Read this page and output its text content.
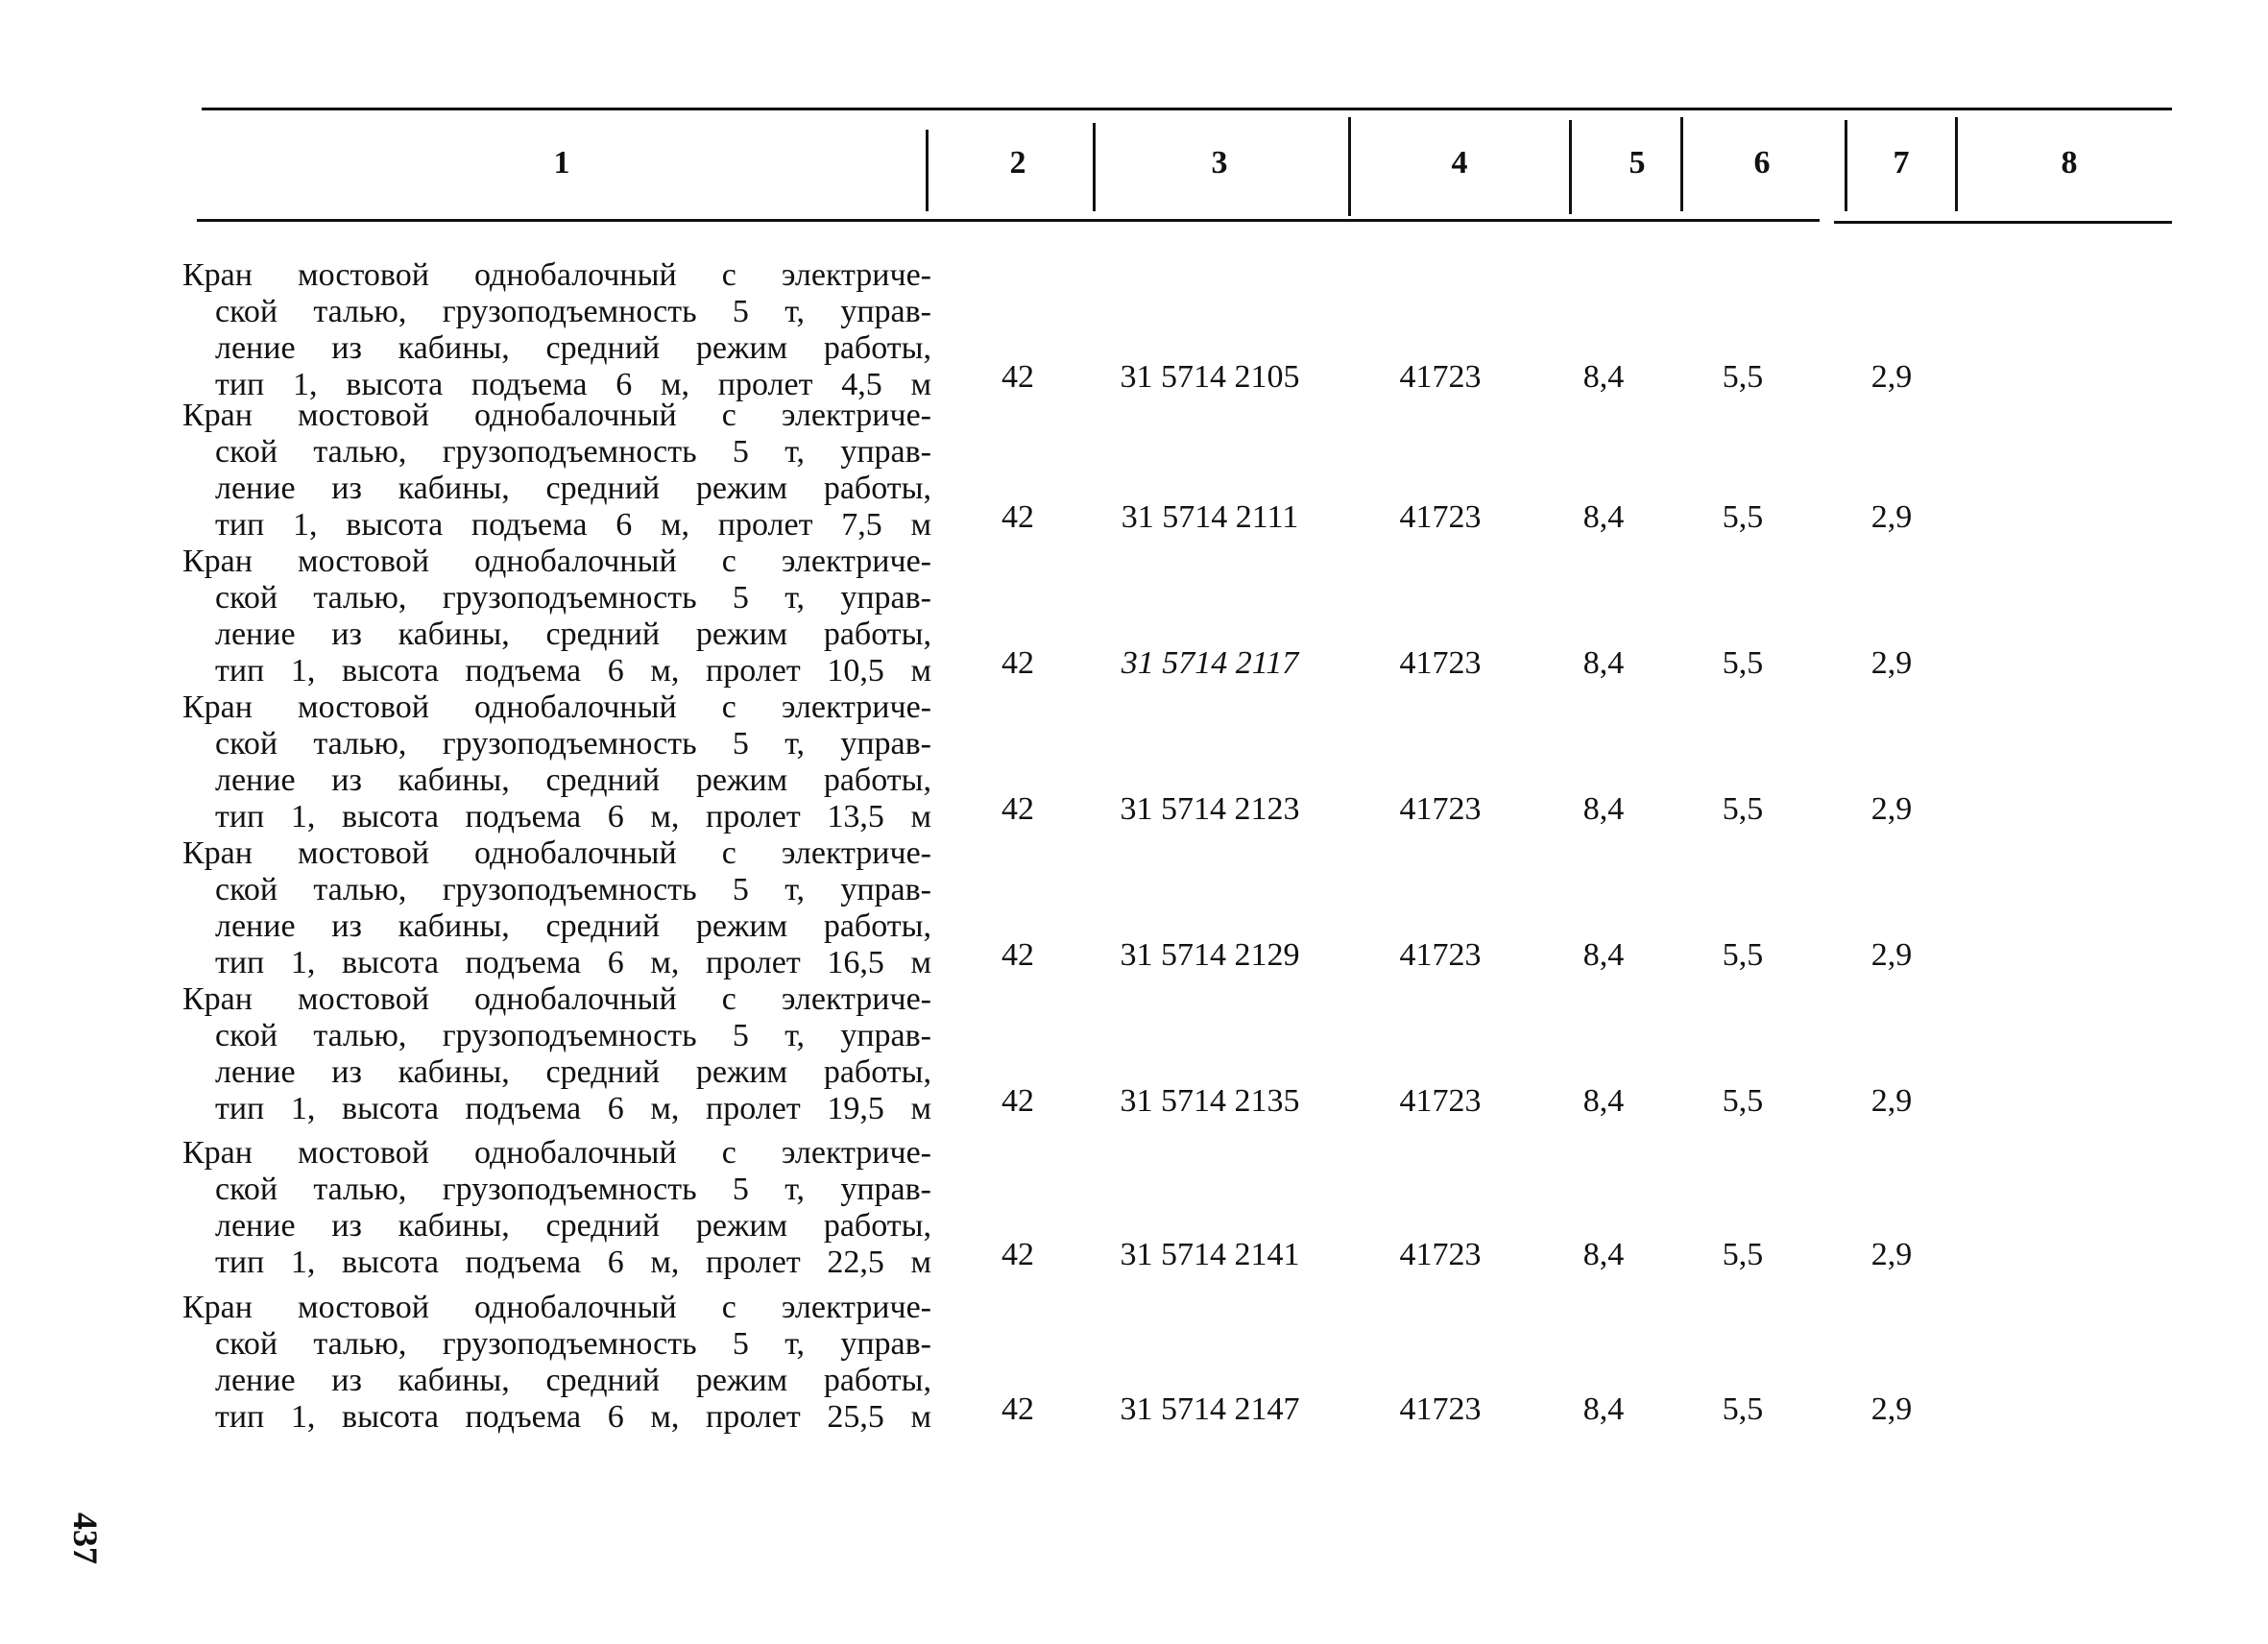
1	2	3	4	5	6	7	8
Кран мостовой однобалочный с электриче-
ской талью, грузоподъемность 5 т, управ-
ление из кабины, средний режим работы,
тип 1, высота подъема 6 м, пролет 4,5 м	42	31 5714 2105	41723	8,4	5,5	2,9
Кран мостовой однобалочный с электриче-
ской талью, грузоподъемность 5 т, управ-
ление из кабины, средний режим работы,
тип 1, высота подъема 6 м, пролет 7,5 м	42	31 5714 2111	41723	8,4	5,5	2,9
Кран мостовой однобалочный с электриче-
ской талью, грузоподъемность 5 т, управ-
ление из кабины, средний режим работы,
тип 1, высота подъема 6 м, пролет 10,5 м	42	31 5714 2117	41723	8,4	5,5	2,9
Кран мостовой однобалочный с электриче-
ской талью, грузоподъемность 5 т, управ-
ление из кабины, средний режим работы,
тип 1, высота подъема 6 м, пролет 13,5 м	42	31 5714 2123	41723	8,4	5,5	2,9
Кран мостовой однобалочный с электриче-
ской талью, грузоподъемность 5 т, управ-
ление из кабины, средний режим работы,
тип 1, высота подъема 6 м, пролет 16,5 м	42	31 5714 2129	41723	8,4	5,5	2,9
Кран мостовой однобалочный с электриче-
ской талью, грузоподъемность 5 т, управ-
ление из кабины, средний режим работы,
тип 1, высота подъема 6 м, пролет 19,5 м	42	31 5714 2135	41723	8,4	5,5	2,9
Кран мостовой однобалочный с электриче-
ской талью, грузоподъемность 5 т, управ-
ление из кабины, средний режим работы,
тип 1, высота подъема 6 м, пролет 22,5 м	42	31 5714 2141	41723	8,4	5,5	2,9
Кран мостовой однобалочный с электриче-
ской талью, грузоподъемность 5 т, управ-
ление из кабины, средний режим работы,
тип 1, высота подъема 6 м, пролет 25,5 м	42	31 5714 2147	41723	8,4	5,5	2,9
437
